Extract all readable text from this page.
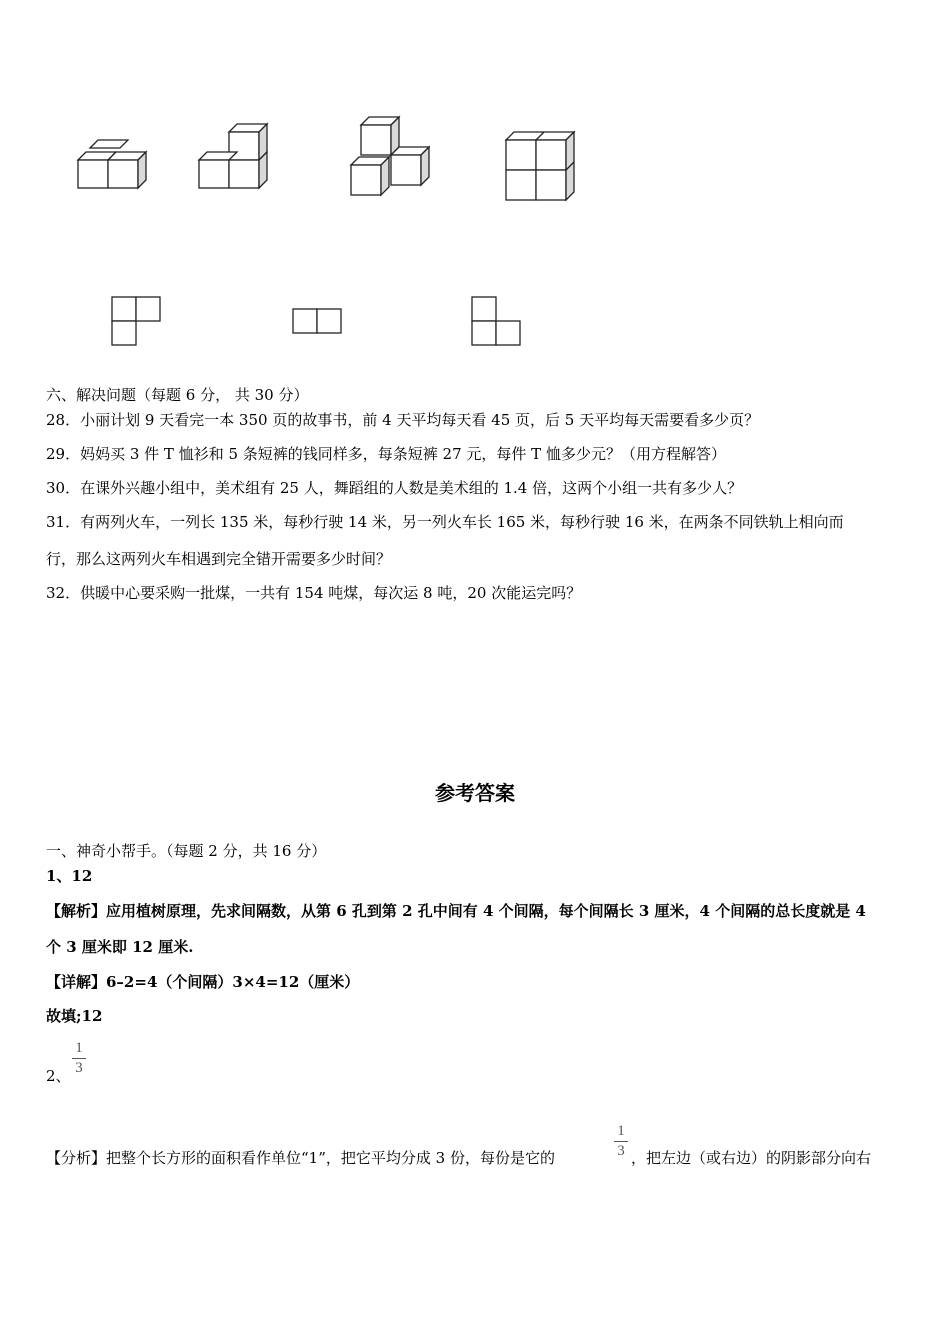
六、解决问题（每题 6 分， 共 30 分）
28．小丽计划 9 天看完一本 350 页的故事书，前 4 天平均每天看 45 页，后 5 天平均每天需要看多少页？
29．妈妈买 3 件 T 恤衫和 5 条短裤的钱同样多，每条短裤 27 元，每件 T 恤多少元？（用方程解答）
30．在课外兴趣小组中，美术组有 25 人，舞蹈组的人数是美术组的 1.4 倍，这两个小组一共有多少人？
31．有两列火车，一列长 135 米，每秒行驶 14 米，另一列火车长 165 米，每秒行驶 16 米，在两条不同铁轨上相向而
行，那么这两列火车相遇到完全错开需要多少时间？
32．供暖中心要采购一批煤，一共有 154 吨煤，每次运 8 吨，20 次能运完吗？
参考答案
一、神奇小帮手。（每题 2 分，共 16 分）
1、12
【解析】应用植树原理，先求间隔数，从第 6 孔到第 2 孔中间有 4 个间隔，每个间隔长 3 厘米，4 个间隔的总长度就是 4
个 3 厘米即 12 厘米.
【详解】6–2=4（个间隔）3×4=12（厘米）
故填;12
2、
1
3
【分析】把整个长方形的面积看作单位“1”，把它平均分成 3 份，每份是它的
1
3 ，把左边（或右边）的阴影部分向右
